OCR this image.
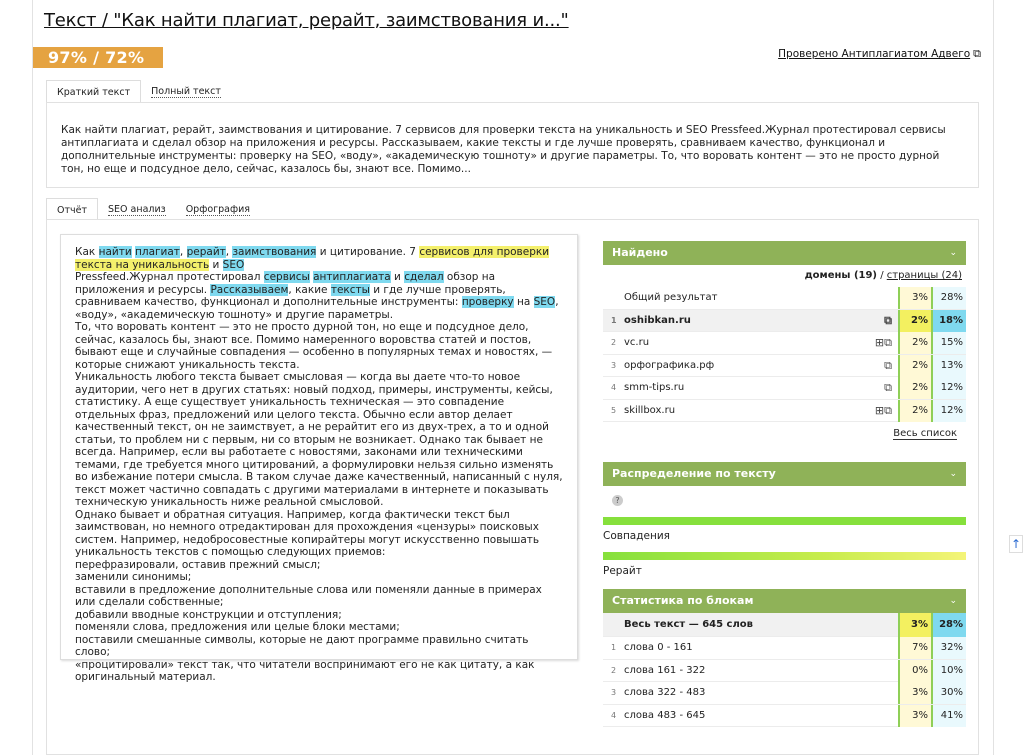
Текст / "Как найти плагиат, рерайт, заимствования и..."
97% / 72%	Проверено Антиплагиатом Адвего ⧉
Краткий текст	Полный текст
Как найти плагиат, рерайт, заимствования и цитирование. 7 сервисов для проверки текста на уникальность и SEO Pressfeed.Журнал протестировал сервисы антиплагиата и сделал обзор на приложения и ресурсы. Рассказываем, какие тексты и где лучше проверять, сравниваем качество, функционал и дополнительные инструменты: проверку на SEO, «воду», «академическую тошноту» и другие параметры. То, что воровать контент — это не просто дурной тон, но еще и подсудное дело, сейчас, казалось бы, знают все. Помимо...
Отчёт	SEO анализ	Орфография
Как найти плагиат, рерайт, заимствования и цитирование. 7 сервисов для проверки текста на уникальность и SEO
Pressfeed.Журнал протестировал сервисы антиплагиата и сделал обзор на приложения и ресурсы. Рассказываем, какие тексты и где лучше проверять, сравниваем качество, функционал и дополнительные инструменты: проверку на SEO, «воду», «академическую тошноту» и другие параметры.
То, что воровать контент — это не просто дурной тон, но еще и подсудное дело, сейчас, казалось бы, знают все. Помимо намеренного воровства статей и постов, бывают еще и случайные совпадения — особенно в популярных темах и новостях, — которые снижают уникальность текста.
Уникальность любого текста бывает смысловая — когда вы даете что-то новое аудитории, чего нет в других статьях: новый подход, примеры, инструменты, кейсы, статистику. А еще существует уникальность техническая — это совпадение отдельных фраз, предложений или целого текста. Обычно если автор делает качественный текст, он не заимствует, а не рерайтит его из двух-трех, а то и одной статьи, то проблем ни с первым, ни со вторым не возникает. Однако так бывает не всегда. Например, если вы работаете с новостями, законами или техническими темами, где требуется много цитирований, а формулировки нельзя сильно изменять во избежание потери смысла. В таком случае даже качественный, написанный с нуля, текст может частично совпадать с другими материалами в интернете и показывать техническую уникальность ниже реальной смысловой.
Однако бывает и обратная ситуация. Например, когда фактически текст был заимствован, но немного отредактирован для прохождения «цензуры» поисковых систем. Например, недобросовестные копирайтеры могут искусственно повышать уникальность текстов с помощью следующих приемов:
перефразировали, оставив прежний смысл;
заменили синонимы;
вставили в предложение дополнительные слова или поменяли данные в примерах или сделали собственные;
добавили вводные конструкции и отступления;
поменяли слова, предложения или целые блоки местами;
поставили смешанные символы, которые не дают программе правильно считать слово;
«процитировали» текст так, что читатели воспринимают его не как цитату, а как оригинальный материал.
Найдено	⌄
домены (19) / страницы (24)
Общий результат	3%	28%
1 oshibkan.ru	⧉	2%	18%
2 vc.ru	⊞⧉	2%	15%
3 орфографика.рф	⧉	2%	13%
4 smm-tips.ru	⧉	2%	12%
5 skillbox.ru	⊞⧉	2%	12%
Весь список
Распределение по тексту	⌄
?
Совпадения
Рерайт
Статистика по блокам	⌄
Весь текст — 645 слов	3%	28%
1 слова 0 - 161	7%	32%
2 слова 161 - 322	0%	10%
3 слова 322 - 483	3%	30%
4 слова 483 - 645	3%	41%
↑
